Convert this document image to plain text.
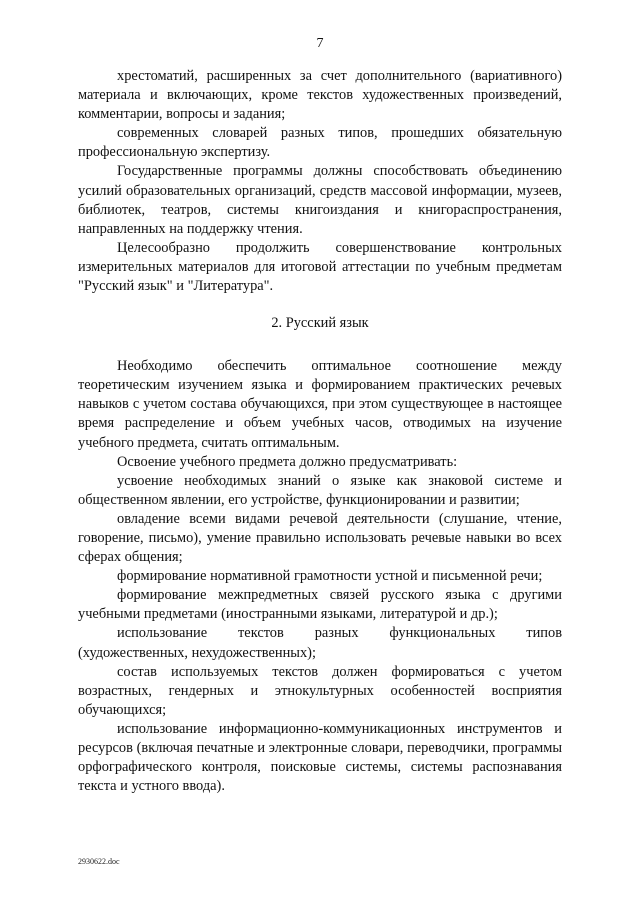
7

хрестоматий, расширенных за счет дополнительного (вариативного) материала и включающих, кроме текстов художественных произведений, комментарии, вопросы и задания;

современных словарей разных типов, прошедших обязательную профессиональную экспертизу.

Государственные программы должны способствовать объединению усилий образовательных организаций, средств массовой информации, музеев, библиотек, театров, системы книгоиздания и книгораспространения, направленных на поддержку чтения.

Целесообразно продолжить совершенствование контрольных измерительных материалов для итоговой аттестации по учебным предметам "Русский язык" и "Литература".

2. Русский язык

Необходимо обеспечить оптимальное соотношение между теоретическим изучением языка и формированием практических речевых навыков с учетом состава обучающихся, при этом существующее в настоящее время распределение и объем учебных часов, отводимых на изучение учебного предмета, считать оптимальным.

Освоение учебного предмета должно предусматривать:

усвоение необходимых знаний о языке как знаковой системе и общественном явлении, его устройстве, функционировании и развитии;

овладение всеми видами речевой деятельности (слушание, чтение, говорение, письмо), умение правильно использовать речевые навыки во всех сферах общения;

формирование нормативной грамотности устной и письменной речи;

формирование межпредметных связей русского языка с другими учебными предметами (иностранными языками, литературой и др.);

использование текстов разных функциональных типов (художественных, нехудожественных);

состав используемых текстов должен формироваться с учетом возрастных, гендерных и этнокультурных особенностей восприятия обучающихся;

использование информационно-коммуникационных инструментов и ресурсов (включая печатные и электронные словари, переводчики, программы орфографического контроля, поисковые системы, системы распознавания текста и устного ввода).

2930622.doc
